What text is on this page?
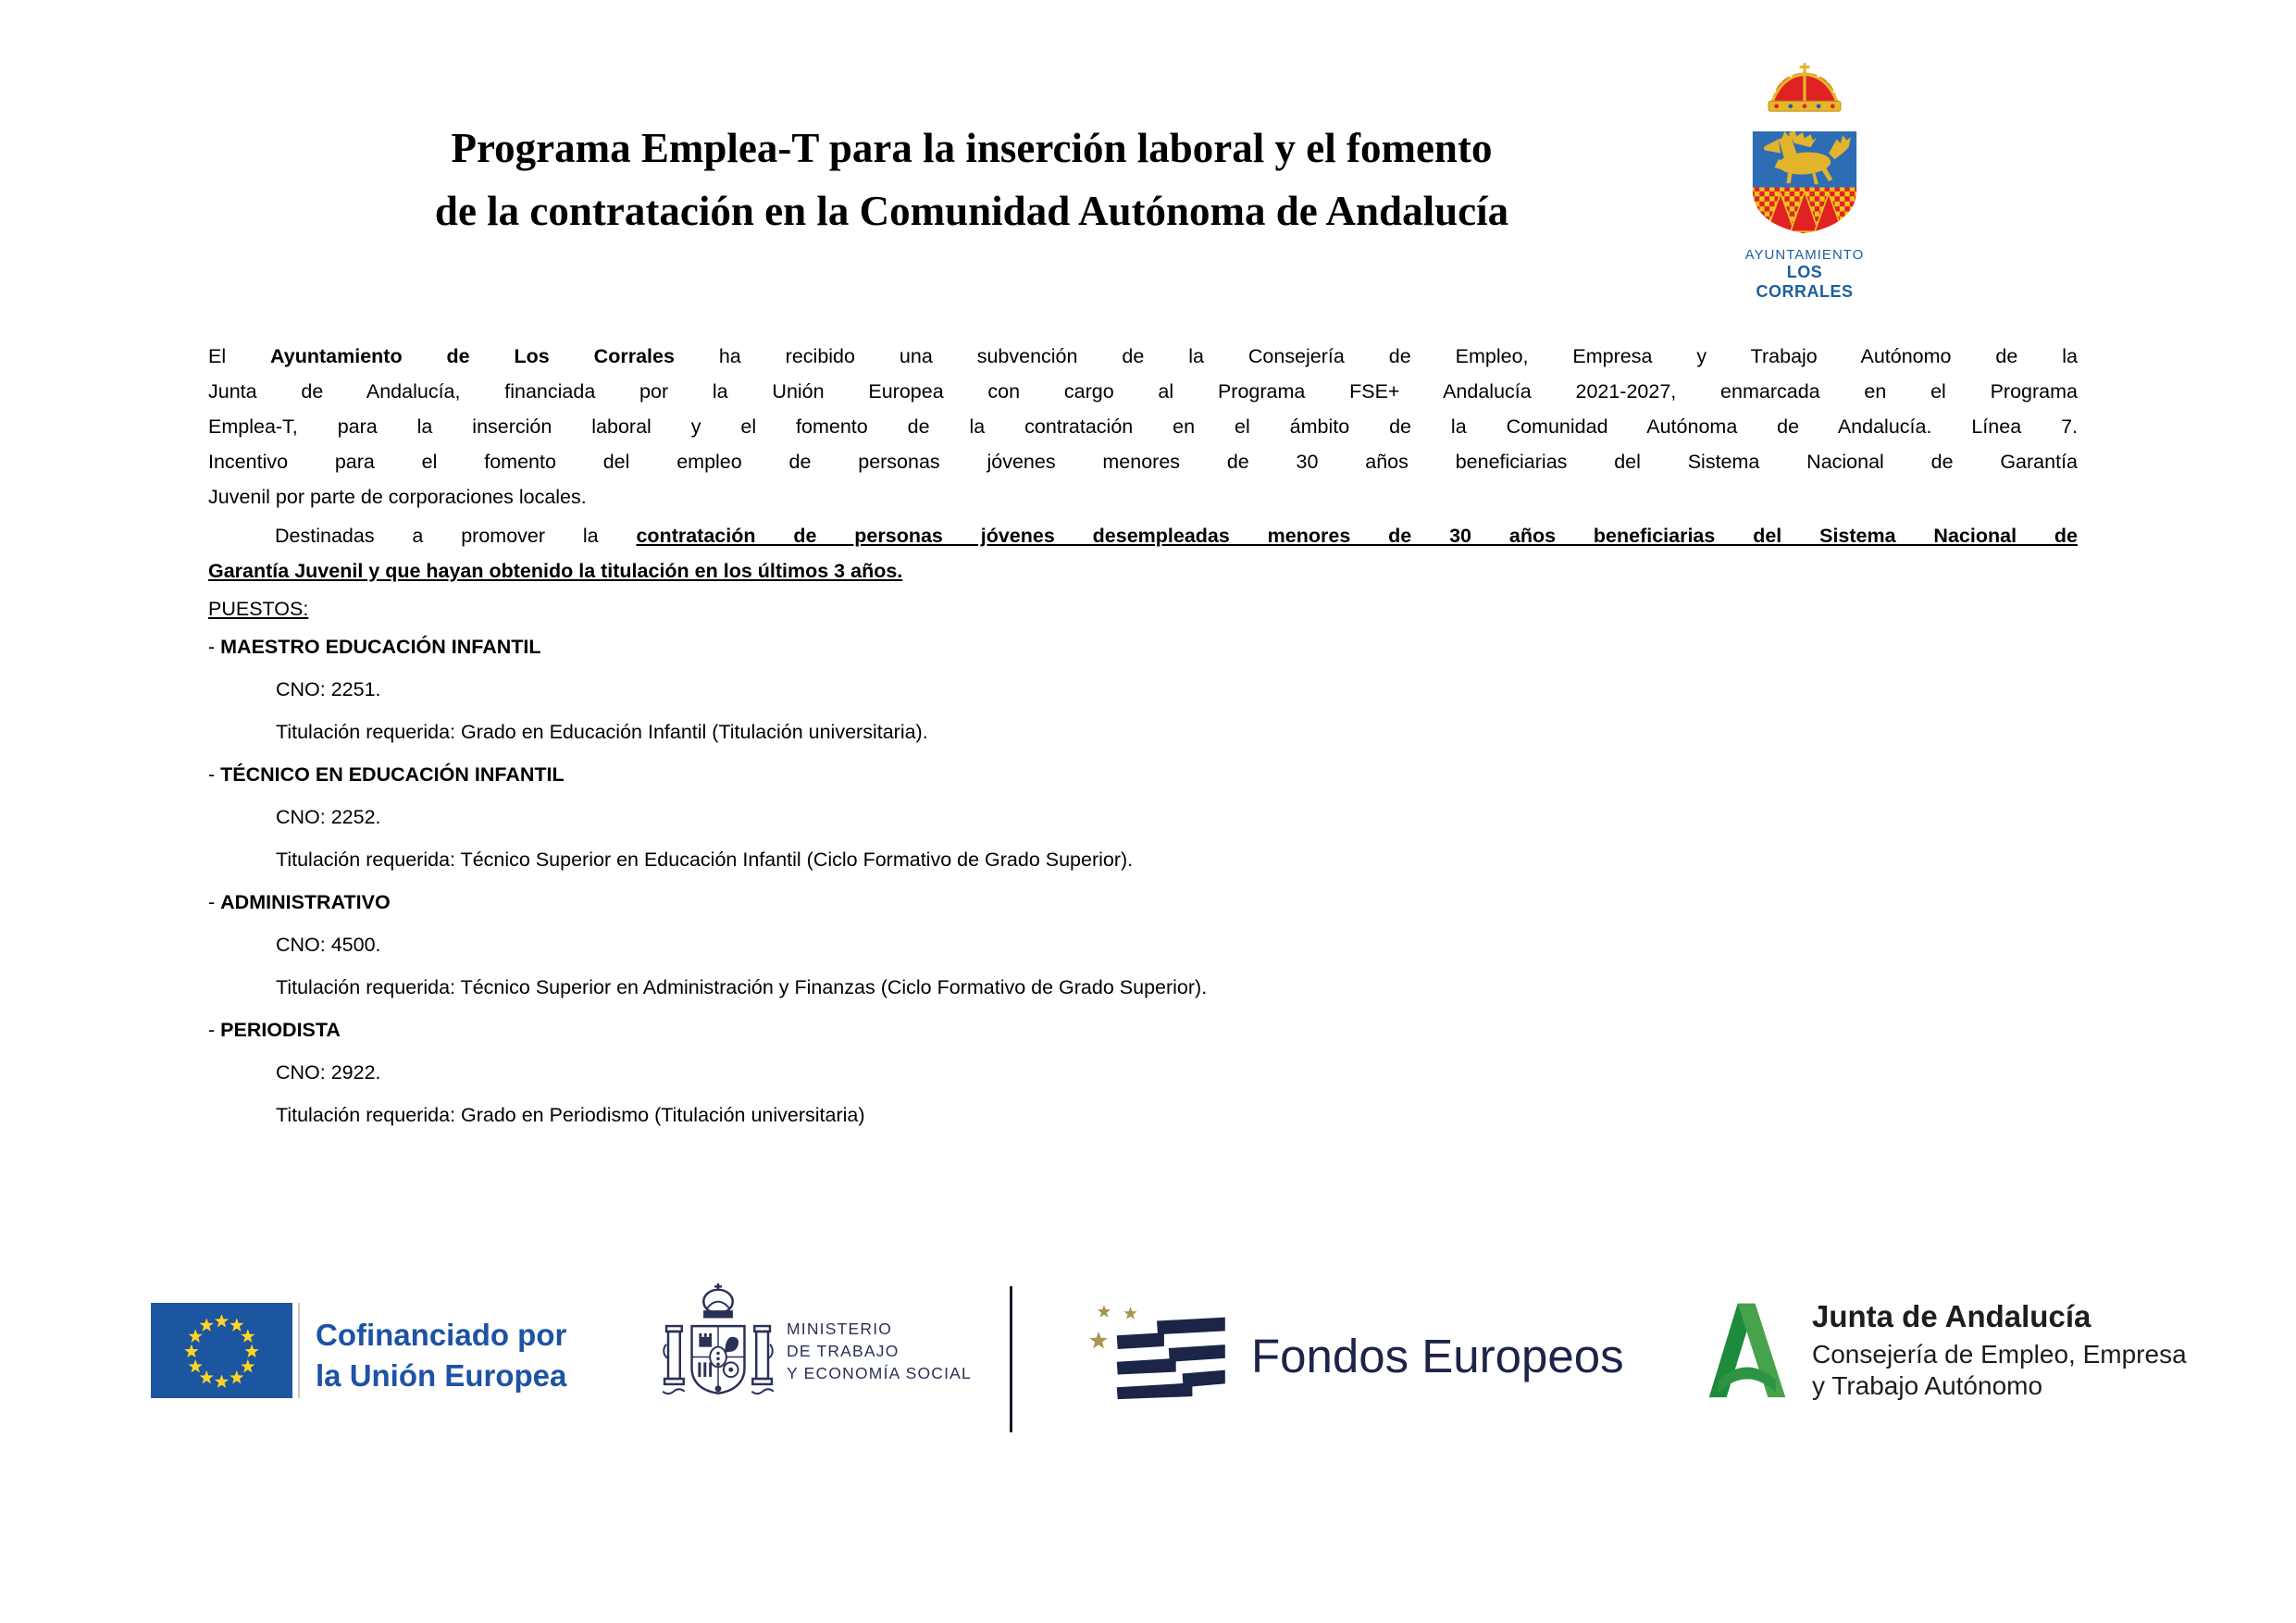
Programa Emplea-T para la inserción laboral y el fomento
de la contratación en la Comunidad Autónoma de Andalucía
AYUNTAMIENTO
LOS CORRALES
El Ayuntamiento de Los Corrales ha recibido una subvención de la Consejería de Empleo, Empresa y Trabajo Autónomo de la
Junta de Andalucía, financiada por la Unión Europea con cargo al Programa FSE+ Andalucía 2021-2027, enmarcada en el Programa
Emplea-T, para la inserción laboral y el fomento de la contratación en el ámbito de la Comunidad Autónoma de Andalucía. Línea 7.
Incentivo para el fomento del empleo de personas jóvenes menores de 30 años beneficiarias del Sistema Nacional de Garantía
Juvenil por parte de corporaciones locales.
Destinadas a promover la contratación de personas jóvenes desempleadas menores de 30 años beneficiarias del Sistema Nacional de
Garantía Juvenil y que hayan obtenido la titulación en los últimos 3 años.
PUESTOS:
- MAESTRO EDUCACIÓN INFANTIL
CNO: 2251.
Titulación requerida: Grado en Educación Infantil (Titulación universitaria).
- TÉCNICO EN EDUCACIÓN INFANTIL
CNO: 2252.
Titulación requerida: Técnico Superior en Educación Infantil (Ciclo Formativo de Grado Superior).
- ADMINISTRATIVO
CNO: 4500.
Titulación requerida: Técnico Superior en Administración y Finanzas (Ciclo Formativo de Grado Superior).
- PERIODISTA
CNO: 2922.
Titulación requerida: Grado en Periodismo (Titulación universitaria)
Cofinanciado por
la Unión Europea
MINISTERIO
DE TRABAJO
Y ECONOMÍA SOCIAL	Fondos Europeos
Junta de Andalucía
Consejería de Empleo, Empresa
y Trabajo Autónomo
